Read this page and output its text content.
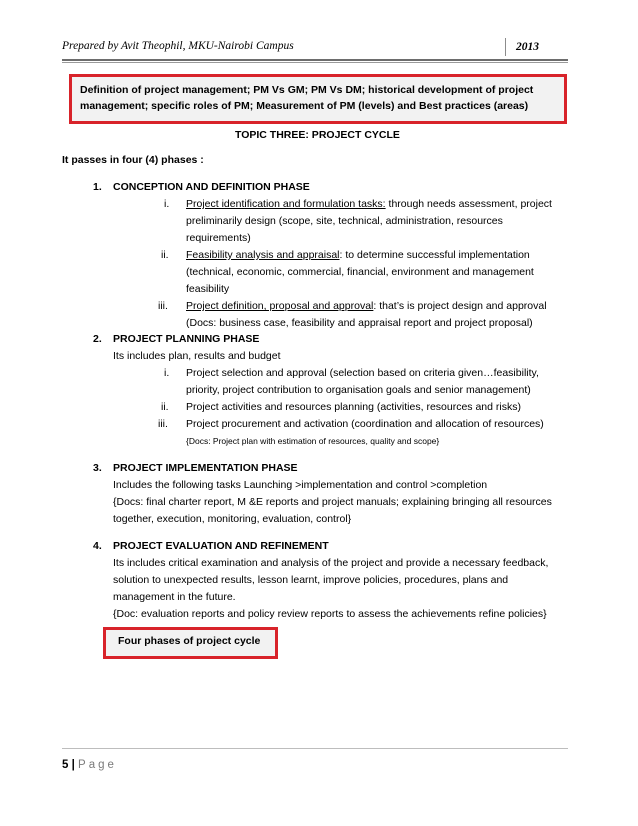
Prepared by Avit Theophil, MKU-Nairobi Campus	2013
Definition of project management; PM Vs GM; PM Vs DM; historical development of project management; specific roles of PM; Measurement of PM (levels) and Best practices (areas)
TOPIC THREE: PROJECT CYCLE
It passes in four (4) phases :
1. CONCEPTION AND DEFINITION PHASE
i. Project identification and formulation tasks: through needs assessment, project
preliminarily design (scope, site, technical, administration, resources
requirements)
ii. Feasibility analysis and appraisal: to determine successful implementation
(technical, economic, commercial, financial, environment and management
feasibility
iii. Project definition, proposal and approval: that’s is project design and approval
(Docs: business case, feasibility and appraisal report and project proposal)
2. PROJECT PLANNING PHASE
Its includes plan, results and budget
i. Project selection and approval (selection based on criteria given…feasibility,
priority, project contribution to organisation goals and senior management)
ii. Project activities and resources planning (activities, resources and risks)
iii. Project procurement and activation (coordination and allocation of resources)
{Docs: Project plan with estimation of resources, quality and scope}
3. PROJECT IMPLEMENTATION PHASE
Includes the following tasks Launching >implementation and control >completion
{Docs: final charter report, M &E reports and project manuals; explaining bringing all resources
together, execution, monitoring, evaluation, control}
4. PROJECT EVALUATION AND REFINEMENT
Its includes critical examination and analysis of the project and provide a necessary feedback,
solution to unexpected results, lesson learnt, improve policies, procedures, plans and
management in the future.
{Doc: evaluation reports and policy review reports to assess the achievements refine policies}
Four phases of project cycle
5 | Page
